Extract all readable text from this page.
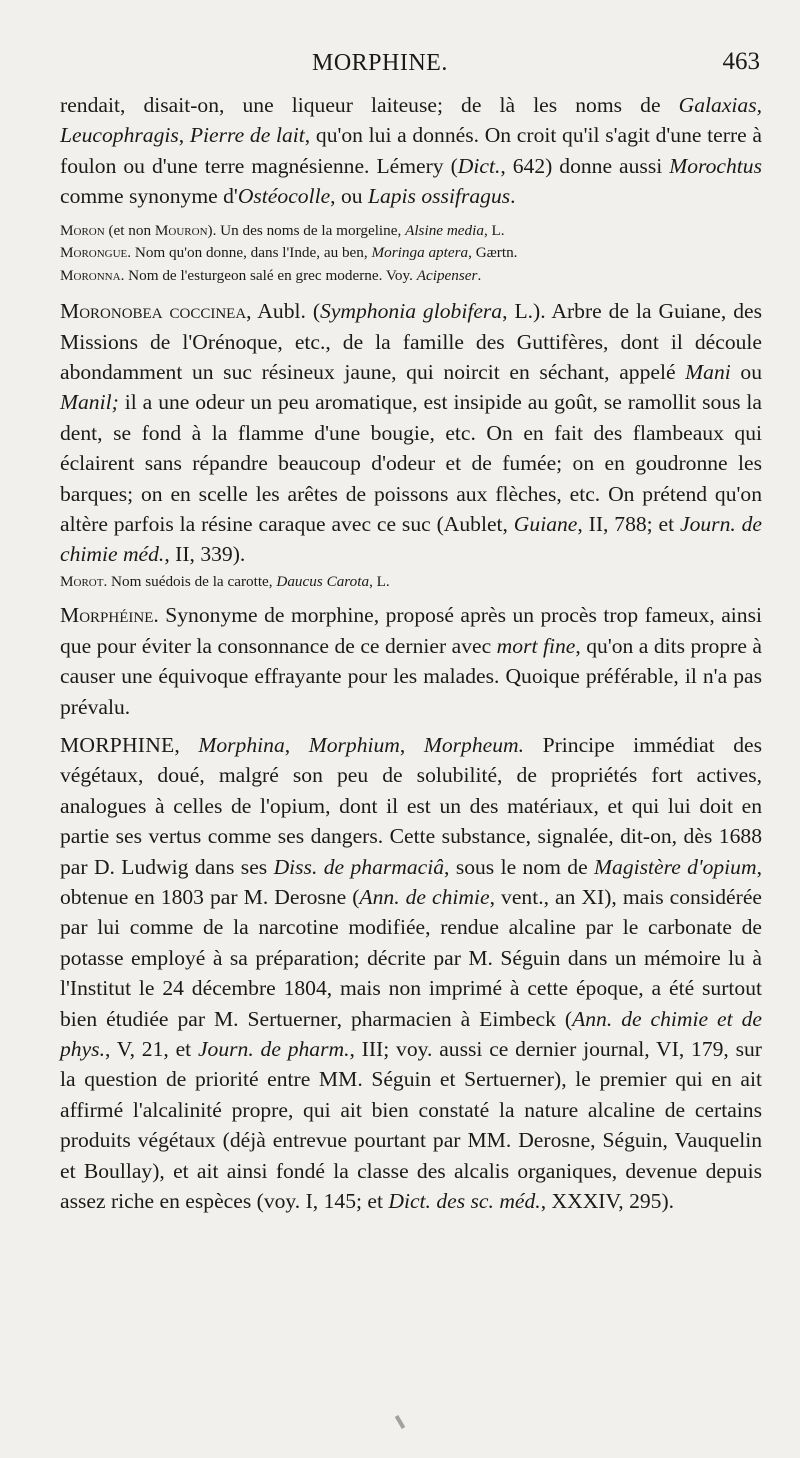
MORPHINE.	463

rendait, disait-on, une liqueur laiteuse; de là les noms de Galaxias, Leucophragis, Pierre de lait, qu'on lui a donnés. On croit qu'il s'agit d'une terre à foulon ou d'une terre magnésienne. Lémery (Dict., 642) donne aussi Morochtus comme synonyme d'Ostéocolle, ou Lapis ossifragus.

Moron (et non Mouron). Un des noms de la morgeline, Alsine media, L.

Morongue. Nom qu'on donne, dans l'Inde, au ben, Moringa aptera, Gærtn.

Moronna. Nom de l'esturgeon salé en grec moderne. Voy. Acipenser.

Moronobea coccinea, Aubl. (Symphonia globifera, L.). Arbre de la Guiane, des Missions de l'Orénoque, etc., de la famille des Guttifères, dont il découle abondamment un suc résineux jaune, qui noircit en séchant, appelé Mani ou Manil; il a une odeur un peu aromatique, est insipide au goût, se ramollit sous la dent, se fond à la flamme d'une bougie, etc. On en fait des flambeaux qui éclairent sans répandre beaucoup d'odeur et de fumée; on en goudronne les barques; on en scelle les arêtes de poissons aux flèches, etc. On prétend qu'on altère parfois la résine caraque avec ce suc (Aublet, Guiane, II, 788; et Journ. de chimie méd., II, 339).

Morot. Nom suédois de la carotte, Daucus Carota, L.

Morphéine. Synonyme de morphine, proposé après un procès trop fameux, ainsi que pour éviter la consonnance de ce dernier avec mort fine, qu'on a dits propre à causer une équivoque effrayante pour les malades. Quoique préférable, il n'a pas prévalu.

MORPHINE, Morphina, Morphium, Morpheum. Principe immédiat des végétaux, doué, malgré son peu de solubilité, de propriétés fort actives, analogues à celles de l'opium, dont il est un des matériaux, et qui lui doit en partie ses vertus comme ses dangers. Cette substance, signalée, dit-on, dès 1688 par D. Ludwig dans ses Diss. de pharmaciâ, sous le nom de Magistère d'opium, obtenue en 1803 par M. Derosne (Ann. de chimie, vent., an XI), mais considérée par lui comme de la narcotine modifiée, rendue alcaline par le carbonate de potasse employé à sa préparation; décrite par M. Séguin dans un mémoire lu à l'Institut le 24 décembre 1804, mais non imprimé à cette époque, a été surtout bien étudiée par M. Sertuerner, pharmacien à Eimbeck (Ann. de chimie et de phys., V, 21, et Journ. de pharm., III; voy. aussi ce dernier journal, VI, 179, sur la question de priorité entre MM. Séguin et Sertuerner), le premier qui en ait affirmé l'alcalinité propre, qui ait bien constaté la nature alcaline de certains produits végétaux (déjà entrevue pourtant par MM. Derosne, Séguin, Vauquelin et Boullay), et ait ainsi fondé la classe des alcalis organiques, devenue depuis assez riche en espèces (voy. I, 145; et Dict. des sc. méd., XXXIV, 295).
